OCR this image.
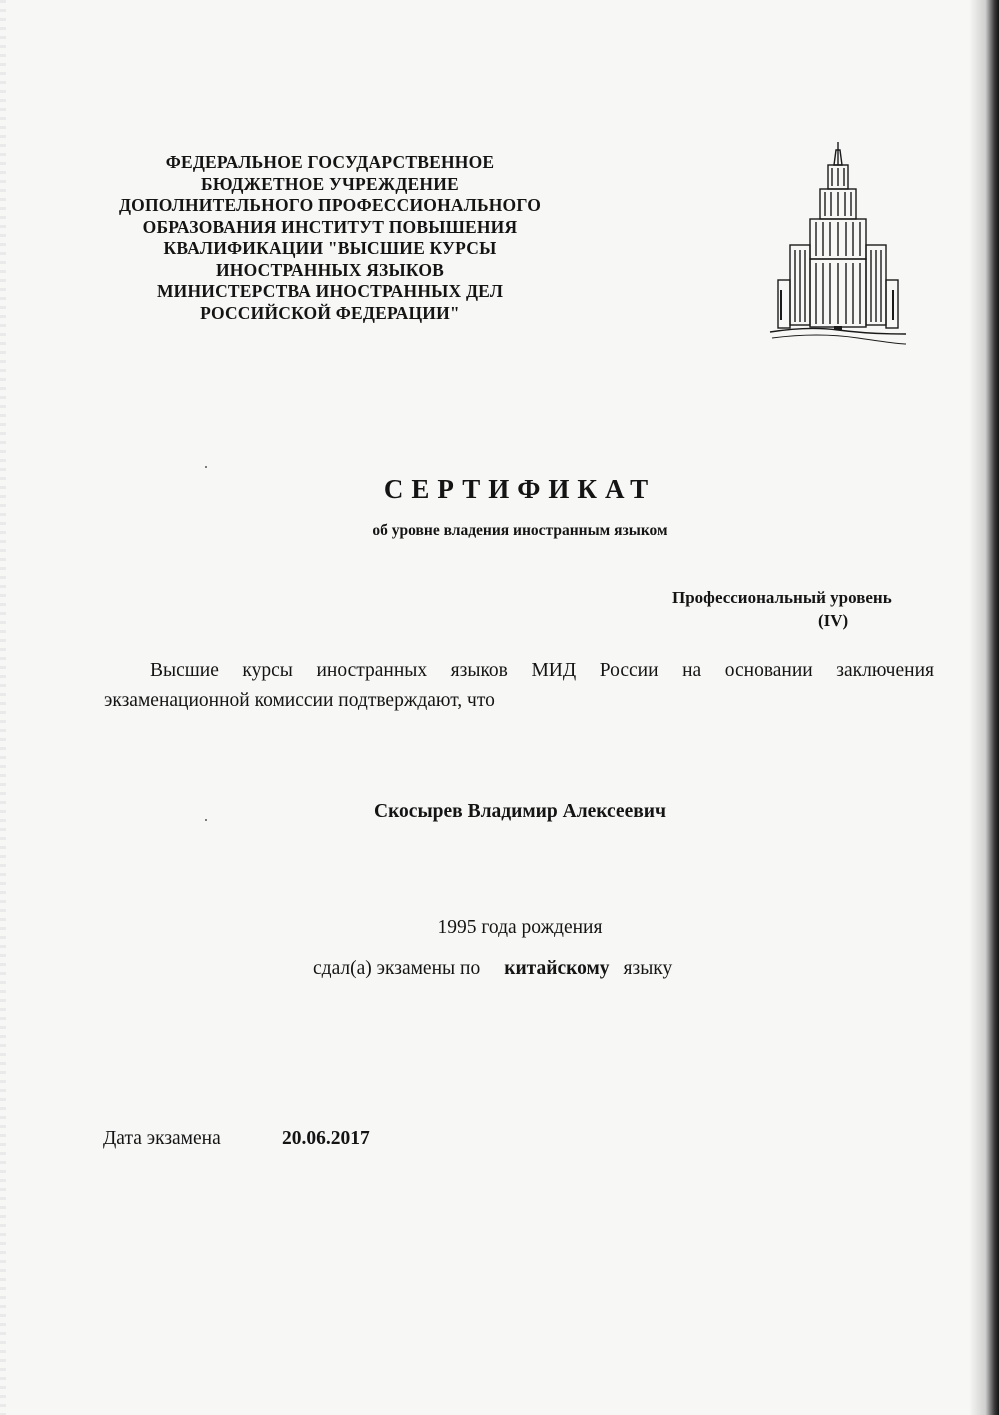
ФЕДЕРАЛЬНОЕ ГОСУДАРСТВЕННОЕ
БЮДЖЕТНОЕ УЧРЕЖДЕНИЕ
ДОПОЛНИТЕЛЬНОГО ПРОФЕССИОНАЛЬНОГО
ОБРАЗОВАНИЯ ИНСТИТУТ ПОВЫШЕНИЯ
КВАЛИФИКАЦИИ "ВЫСШИЕ КУРСЫ
ИНОСТРАННЫХ ЯЗЫКОВ
МИНИСТЕРСТВА ИНОСТРАННЫХ ДЕЛ
РОССИЙСКОЙ ФЕДЕРАЦИИ"
СЕРТИФИКАТ
об уровне владения иностранным языком
Профессиональный уровень
(IV)
Высшие курсы иностранных языков МИД России на основании заключения экзаменационной комиссии подтверждают, что
Скосырев Владимир Алексеевич
1995 года рождения
сдал(а) экзамены по китайскому языку
Дата экзамена	20.06.2017
